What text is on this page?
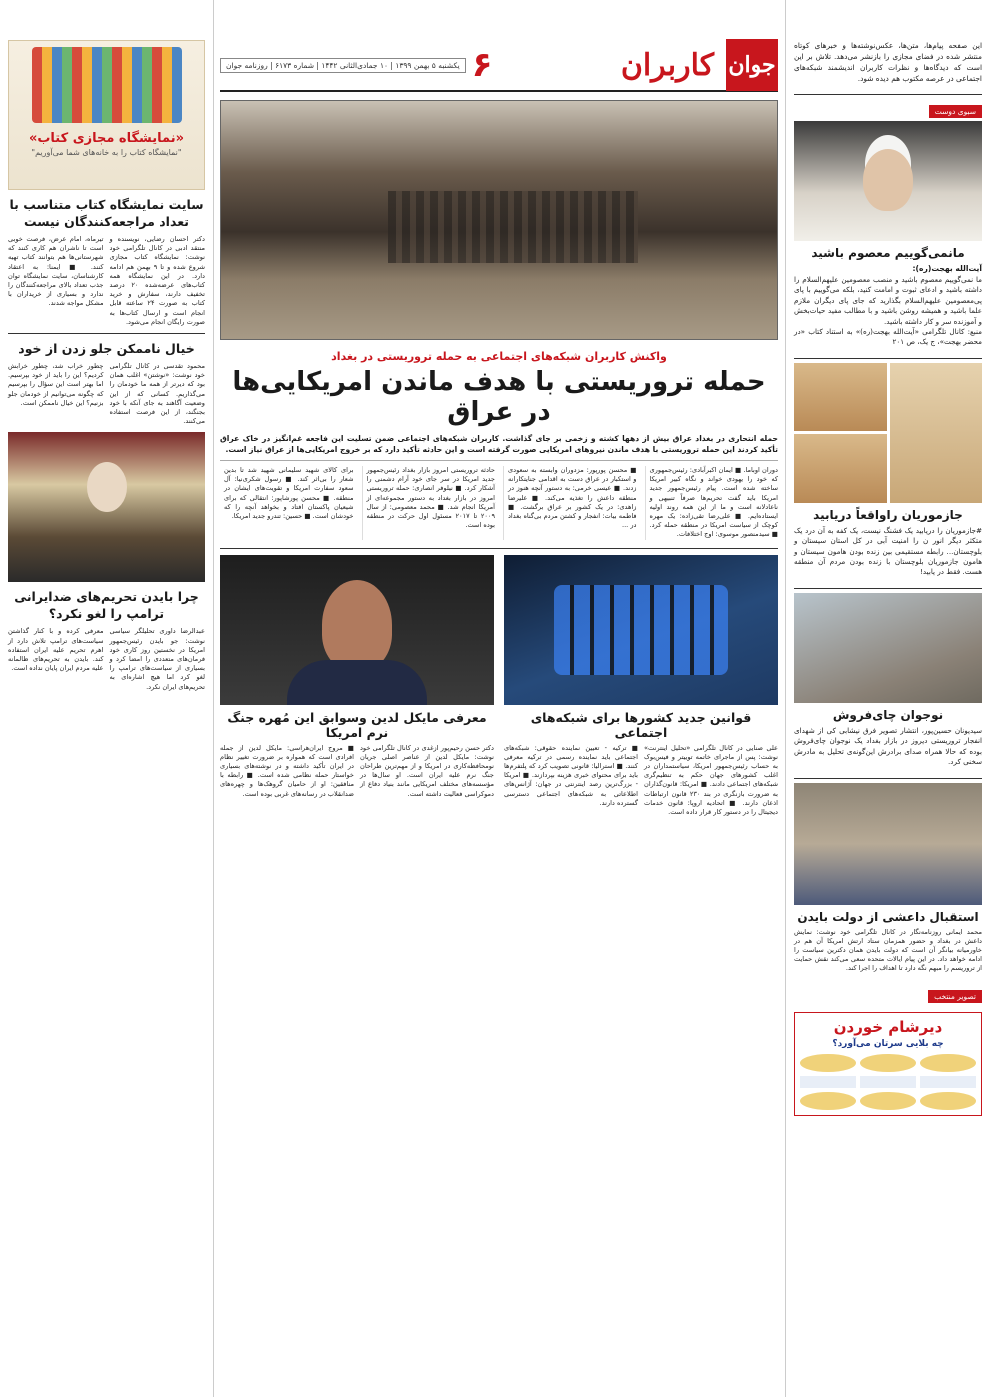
این صفحه پیام‌ها، متن‌ها، عکس‌نوشته‌ها و خبرهای کوتاه منتشر شده در فضای مجازی را بازنشر می‌دهد. تلاش بر این است که دیدگاه‌ها و نظرات کاربران اندیشمند شبکه‌های اجتماعی در عرصه مکتوب هم دیده شود.

سبوی دوست
مانمی‌گوییم معصوم باشید

آیت‌الله بهجت(ره):

ما نمی‌گوییم معصوم باشید و منصب معصومین علیهم‌السلام را داشته باشید و ادعای ثبوت و امامت کنید، بلکه می‌گوییم با پای پی‌معصومین علیهم‌السلام بگذارید که جای پای دیگران ملازم علما باشید و همیشه روشن باشید و با مطالب مفید حیات‌بخش و آموزنده سر و کار داشته باشید.

منبع: کانال تلگرامی «آیت‌الله بهجت(ره)» به استناد کتاب «در محضر بهجت»، ج یک، ص ۲۰۱

جازموریان راواقعاً دریابید

#جازموریان را دریابید یک فشنگ نیست، یک کفه به آن درد یک متکثر دیگر انور ن را امنیت آبی در کل استان سیستان و بلوچستان... رابطه مستقیمی بین زنده بودن هامون سیستان و هامون جازموریان بلوچستان با زنده بودن مردم آن منطقه هست. فقط در یابید!

نوجوان چای‌فروش

سیدیونان حسین‌پور، انتشار تصویر فرق نیشابی کی از شهدای انفجار تروریستی دیروز در بازار بغداد یک نوجوان چای‌فروش بوده که حالا همراه صدای برادرش این‌گونه‌ی تحلیل به مادرش سخنی کرد.

استقبال داعشی از دولت بایدن

محمد ایمانی روزنامه‌نگار در کانال تلگرامی خود نوشت: نمایش داعش در بغداد و حضور همزمان ستاد ارتش امریکا آن هم در خاورمیانه بیانگر آن است که دولت بایدن همان دکترین سیاست را ادامه خواهد داد. در این پیام ایالات متحده سعی می‌کند نقش حمایت از تروریسم را مبهم نگه دارد تا اهداف را اجرا کند.

تصویر منتخب
دیرشام خوردن
چه بلایی سرتان می‌آورد؟
جوان
کاربران
۶
یکشنبه ۵ بهمن ۱۳۹۹ | ۱۰ جمادی‌الثانی ۱۴۴۲ | شماره ۶۱۷۳ | روزنامه جوان
واکنش کاربران شبکه‌های اجتماعی به حمله تروریستی در بغداد
حمله تروریستی با هدف ماندن امریکایی‌ها در عراق

حمله انتحاری در بغداد عراق بیش از دهها کشته و زخمی بر جای گذاشت. کاربران شبکه‌های اجتماعی ضمن تسلیت این فاجعه غم‌انگیز در خاک عراق تأکید کردند این حمله تروریستی با هدف ماندن نیروهای امریکایی صورت گرفته است و این حادثه تأکید دارد که بر خروج امریکایی‌ها از عراق نیاز است.

دوران اوباما. ■ ایمان اکبرآبادی: رئیس‌جمهوری که خود را یهودی خواند و نگاه کبیر امریکا ساخته شده است. پیام رئیس‌جمهور جدید امریکا باید گفت تحریم‌ها صرفاً تنبیهی و ناعادلانه است و ما از این همه روند اولیه ایستاده‌ایم. ■ علی‌رضا تقی‌زاده: یک مهره کوچک از سیاست امریکا در منطقه حمله کرد. ■ سیدمنصور موسوی: اوج اختلافات.

■ محسن پورپور: مزدوران وابسته به سعودی و استکبار در عراق دست به اقدامی جنایتکارانه زدند. ■ عیسی خرمی: به دستور آنچه هنوز در منطقه داعش را تغذیه می‌کند. ■ علیرضا زاهدی: در یک کشور بر عراق برگشت. ■ فاطمه بیات: انفجار و کشتن مردم بی‌گناه بغداد در ...

حادثه تروریستی امروز بازار بغداد رئیس‌جمهور جدید امریکا در سر جای خود آرام دشمنی را آشکار کرد. ■ نیلوفر انصاری: حمله تروریستی امروز در بازار بغداد به دستور مجموعه‌ای از آمریکا انجام شد. ■ محمد معصومی: از سال ۲۰۰۹ تا ۲۰۱۷ مسئول اول حرکت در منطقه بوده است.

برای کالای شهید سلیمانی شهید شد تا بدین شعار را بی‌اثر کند. ■ رسول شکری‌نیا: آل سعود سفارت امریکا و تقویت‌های ایشان در منطقه. ■ محسن پورشاپور: انتقالی که برای شیعیان پاکستان افتاد و بخواهد آنچه را که خودشان است. ■ حسین: تندرو جدید امریکا.

قوانین جدید کشورها برای شبکه‌های اجتماعی

علی صنایی در کانال تلگرامی «تحلیل اینترنت» نوشت: پس از ماجرای خاتمه توییتر و فیس‌بوک به حساب رئیس‌جمهور امریکا، سیاستمداران در اغلب کشورهای جهان حکم به تنظیم‌گری شبکه‌های اجتماعی دادند. ■ امریکا: قانون‌گذاران به ضرورت بازنگری در بند ۲۳۰ قانون ارتباطات اذعان دارند. ■ اتحادیه اروپا: قانون خدمات دیجیتال را در دستور کار قرار داده است.

■ ترکیه - تعیین نماینده حقوقی: شبکه‌های اجتماعی باید نماینده رسمی در ترکیه معرفی کنند. ■ استرالیا: قانونی تصویب کرد که پلتفرم‌ها باید برای محتوای خبری هزینه بپردازند. ■ امریکا - بزرگ‌ترین رصد اینترنتی در جهان: آژانس‌های اطلاعاتی به شبکه‌های اجتماعی دسترسی گسترده دارند.

معرفی مایکل لدین وسوابق این مُهره جنگ نرم امریکا

دکتر حسن رحیم‌پور ازغدی در کانال تلگرامی خود نوشت: مایکل لدین از عناصر اصلی جریان نومحافظه‌کاری در امریکا و از مهم‌ترین طراحان جنگ نرم علیه ایران است. او سال‌ها در مؤسسه‌های مختلف امریکایی مانند بنیاد دفاع از دموکراسی فعالیت داشته است.

■ مروج ایران‌هراسی: مایکل لدین از جمله افرادی است که همواره بر ضرورت تغییر نظام در ایران تأکید داشته و در نوشته‌های بسیاری خواستار حمله نظامی شده است. ■ رابطه با منافقین: او از حامیان گروهک‌ها و چهره‌های ضدانقلاب در رسانه‌های غربی بوده است.

«نمایشگاه مجازی کتاب»
"نمایشگاه کتاب را به خانه‌های شما می‌آوریم"
سایت نمایشگاه کتاب متناسب با تعداد مراجعه‌کنندگان نیست

دکتر احسان رضایی، نویسنده و منتقد ادبی در کانال تلگرامی خود نوشت: نمایشگاه کتاب مجازی شروع شده و تا ۹ بهمن هم ادامه دارد. در این نمایشگاه همه کتاب‌های عرضه‌شده ۲۰ درصد تخفیف دارند، سفارش و خرید کتاب به صورت ۲۴ ساعته قابل انجام است و ارسال کتاب‌ها به صورت رایگان انجام می‌شود.

تیرماه، امام عرض، فرصت خوبی است تا ناشران هم کاری کنند که شهرستانی‌ها هم بتوانند کتاب تهیه کنند. ■ ایمنا: به اعتقاد کارشناسان، سایت نمایشگاه توان جذب تعداد بالای مراجعه‌کنندگان را ندارد و بسیاری از خریداران با مشکل مواجه شدند.

خیال ناممکن جلو زدن از خود

محمود تقدسی در کانال تلگرامی خود نوشت: «نوشتن» اغلب همان بود که دیرتر از همه ما خودمان را می‌گذاریم. کسانی که از این وضعیت آگاهند به جای آنکه با خود بجنگند، از این فرصت استفاده می‌کنند.

چطور خراب شد، چطور خرابش کردیم؟ این را باید از خود بپرسیم. اما بهتر است این سؤال را بپرسیم که چگونه می‌توانیم از خودمان جلو بزنیم؟ این خیال ناممکن است.

چرا بایدن تحریم‌های ضدایرانی ترامپ را لغو نکرد؟

عبدالرضا داوری تحلیلگر سیاسی نوشت: جو بایدن رئیس‌جمهور امریکا در نخستین روز کاری خود فرمان‌های متعددی را امضا کرد و بسیاری از سیاست‌های ترامپ را لغو کرد اما هیچ اشاره‌ای به تحریم‌های ایران نکرد.

معرفی کرده و با کنار گذاشتن سیاست‌های ترامپ تلاش دارد از اهرم تحریم علیه ایران استفاده کند. بایدن به تحریم‌های ظالمانه علیه مردم ایران پایان نداده است.
